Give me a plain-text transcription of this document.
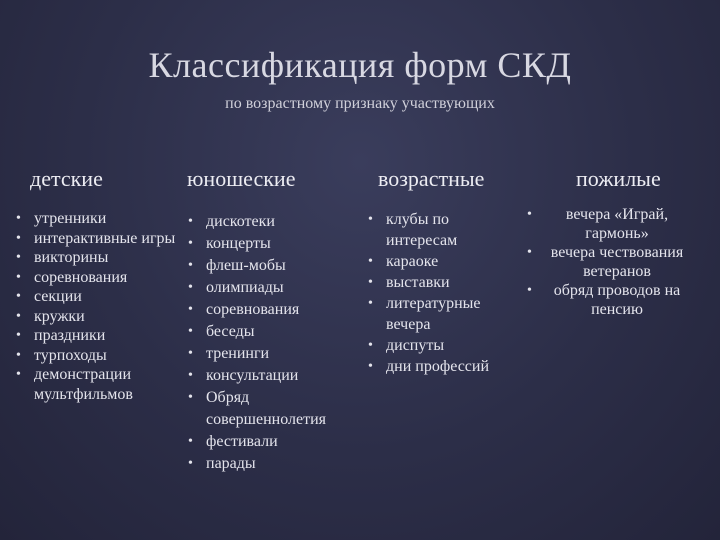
Классификация форм СКД
по возрастному признаку участвующих
детские
• утренники
• интерактивные игры
• викторины
• соревнования
• секции
• кружки
• праздники
• турпоходы
• демонстрации мультфильмов
юношеские
• дискотеки
• концерты
• флеш-мобы
• олимпиады
• соревнования
• беседы
• тренинги
• консультации
• Обряд совершеннолетия
• фестивали
• парады
возрастные
• клубы по интересам
• караоке
• выставки
• литературные вечера
• диспуты
• дни профессий
пожилые
• вечера «Играй, гармонь»
• вечера чествования ветеранов
• обряд проводов на пенсию
